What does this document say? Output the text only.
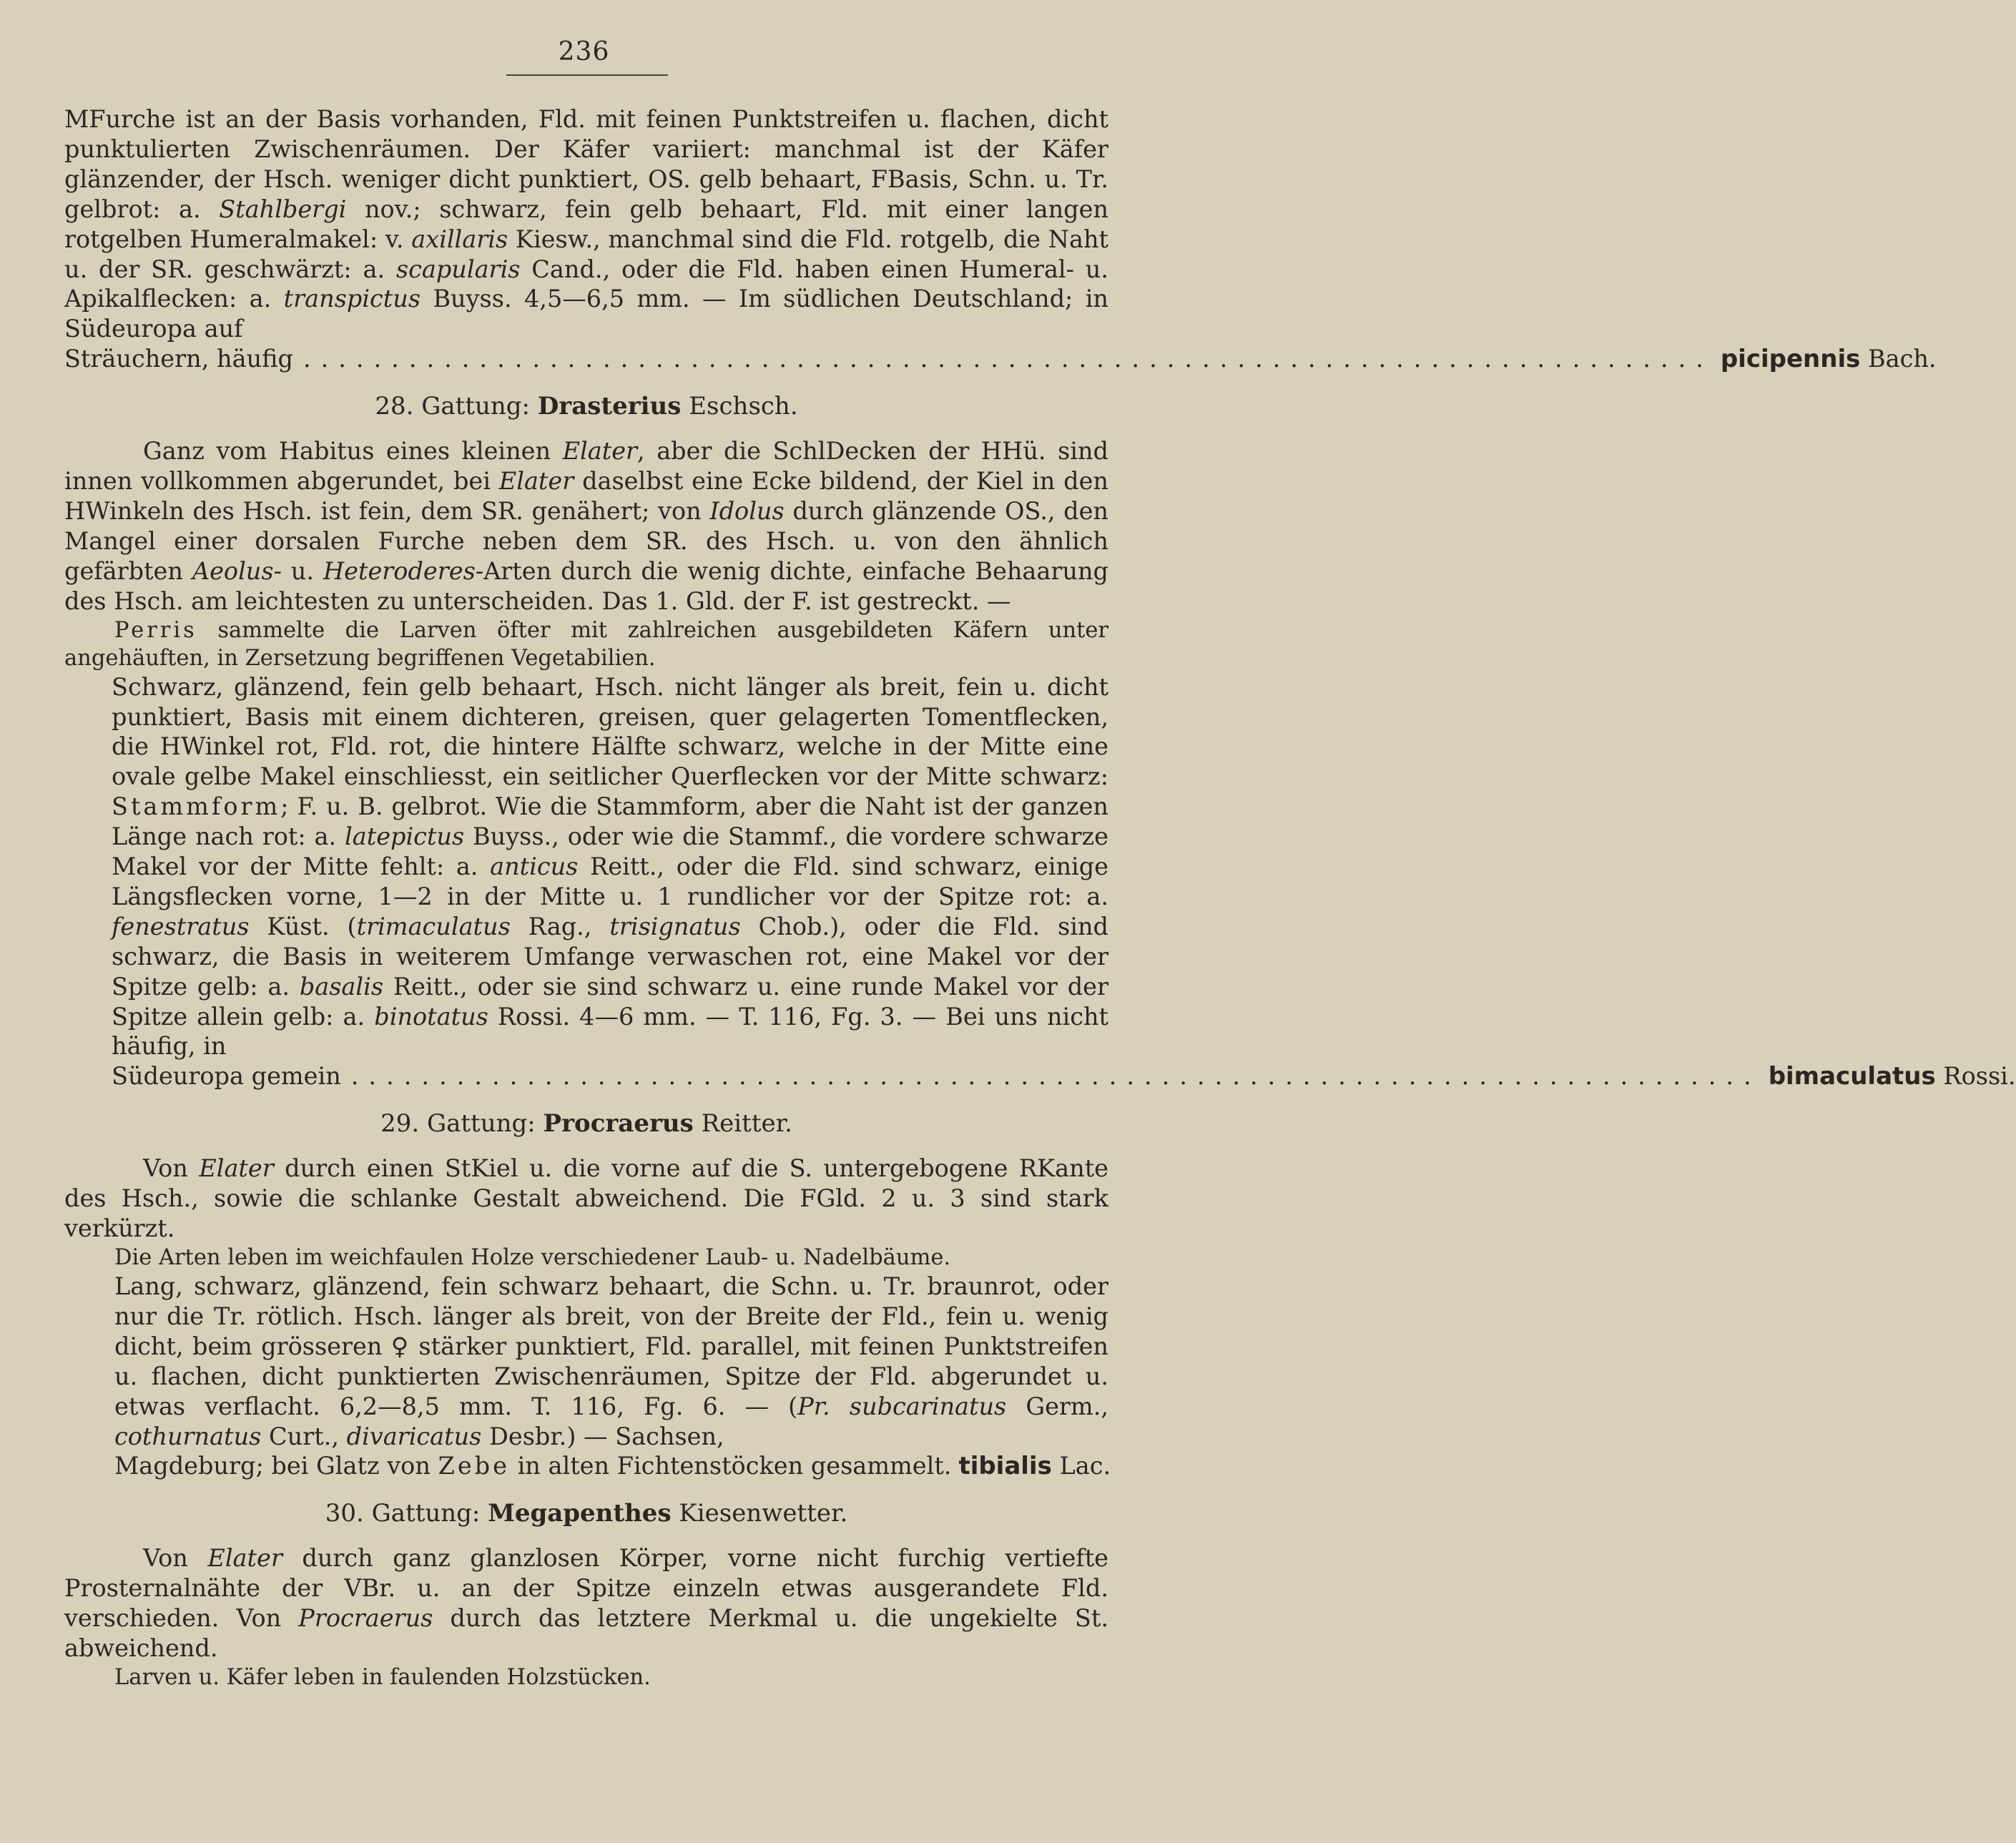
236

MFurche ist an der Basis vorhanden, Fld. mit feinen Punktstreifen u. flachen, dicht punktulierten Zwischenräumen. Der Käfer variiert: manchmal ist der Käfer glänzender, der Hsch. weniger dicht punktiert, OS. gelb behaart, FBasis, Schn. u. Tr. gelbrot: a. Stahlbergi nov.; schwarz, fein gelb behaart, Fld. mit einer langen rotgelben Humeralmakel: v. axillaris Kiesw., manchmal sind die Fld. rotgelb, die Naht u. der SR. geschwärzt: a. scapularis Cand., oder die Fld. haben einen Humeral- u. Apikalflecken: a. transpictus Buyss. 4,5—6,5 mm. — Im südlichen Deutschland; in Südeuropa auf

Sträuchern, häufig ................................................................................ picipennis Bach.
28. Gattung: Drasterius Eschsch.

Ganz vom Habitus eines kleinen Elater, aber die SchlDecken der HHü. sind innen vollkommen abgerundet, bei Elater daselbst eine Ecke bildend, der Kiel in den HWinkeln des Hsch. ist fein, dem SR. genähert; von Idolus durch glänzende OS., den Mangel einer dorsalen Furche neben dem SR. des Hsch. u. von den ähnlich gefärbten Aeolus- u. Heteroderes-Arten durch die wenig dichte, einfache Behaarung des Hsch. am leichtesten zu unterscheiden. Das 1. Gld. der F. ist gestreckt. —

Perris sammelte die Larven öfter mit zahlreichen ausgebildeten Käfern unter angehäuften, in Zersetzung begriffenen Vegetabilien.

Schwarz, glänzend, fein gelb behaart, Hsch. nicht länger als breit, fein u. dicht punktiert, Basis mit einem dichteren, greisen, quer gelagerten Tomentflecken, die HWinkel rot, Fld. rot, die hintere Hälfte schwarz, welche in der Mitte eine ovale gelbe Makel einschliesst, ein seitlicher Querflecken vor der Mitte schwarz: Stammform; F. u. B. gelbrot. Wie die Stammform, aber die Naht ist der ganzen Länge nach rot: a. latepictus Buyss., oder wie die Stammf., die vordere schwarze Makel vor der Mitte fehlt: a. anticus Reitt., oder die Fld. sind schwarz, einige Längsflecken vorne, 1—2 in der Mitte u. 1 rundlicher vor der Spitze rot: a. fenestratus Küst. (trimaculatus Rag., trisignatus Chob.), oder die Fld. sind schwarz, die Basis in weiterem Umfange verwaschen rot, eine Makel vor der Spitze gelb: a. basalis Reitt., oder sie sind schwarz u. eine runde Makel vor der Spitze allein gelb: a. binotatus Rossi. 4—6 mm. — T. 116, Fg. 3. — Bei uns nicht häufig, in

Südeuropa gemein ................................................................................ bimaculatus Rossi.
29. Gattung: Procraerus Reitter.

Von Elater durch einen StKiel u. die vorne auf die S. untergebogene RKante des Hsch., sowie die schlanke Gestalt abweichend. Die FGld. 2 u. 3 sind stark verkürzt.

Die Arten leben im weichfaulen Holze verschiedener Laub- u. Nadelbäume.

Lang, schwarz, glänzend, fein schwarz behaart, die Schn. u. Tr. braunrot, oder nur die Tr. rötlich. Hsch. länger als breit, von der Breite der Fld., fein u. wenig dicht, beim grösseren ♀ stärker punktiert, Fld. parallel, mit feinen Punktstreifen u. flachen, dicht punktierten Zwischenräumen, Spitze der Fld. abgerundet u. etwas verflacht. 6,2—8,5 mm. T. 116, Fg. 6. — (Pr. subcarinatus Germ., cothurnatus Curt., divaricatus Desbr.) — Sachsen,

Magdeburg; bei Glatz von Zebe in alten Fichtenstöcken gesammelt. tibialis Lac.
30. Gattung: Megapenthes Kiesenwetter.

Von Elater durch ganz glanzlosen Körper, vorne nicht furchig vertiefte Prosternalnähte der VBr. u. an der Spitze einzeln etwas ausgerandete Fld. verschieden. Von Procraerus durch das letztere Merkmal u. die ungekielte St. abweichend.

Larven u. Käfer leben in faulenden Holzstücken.
